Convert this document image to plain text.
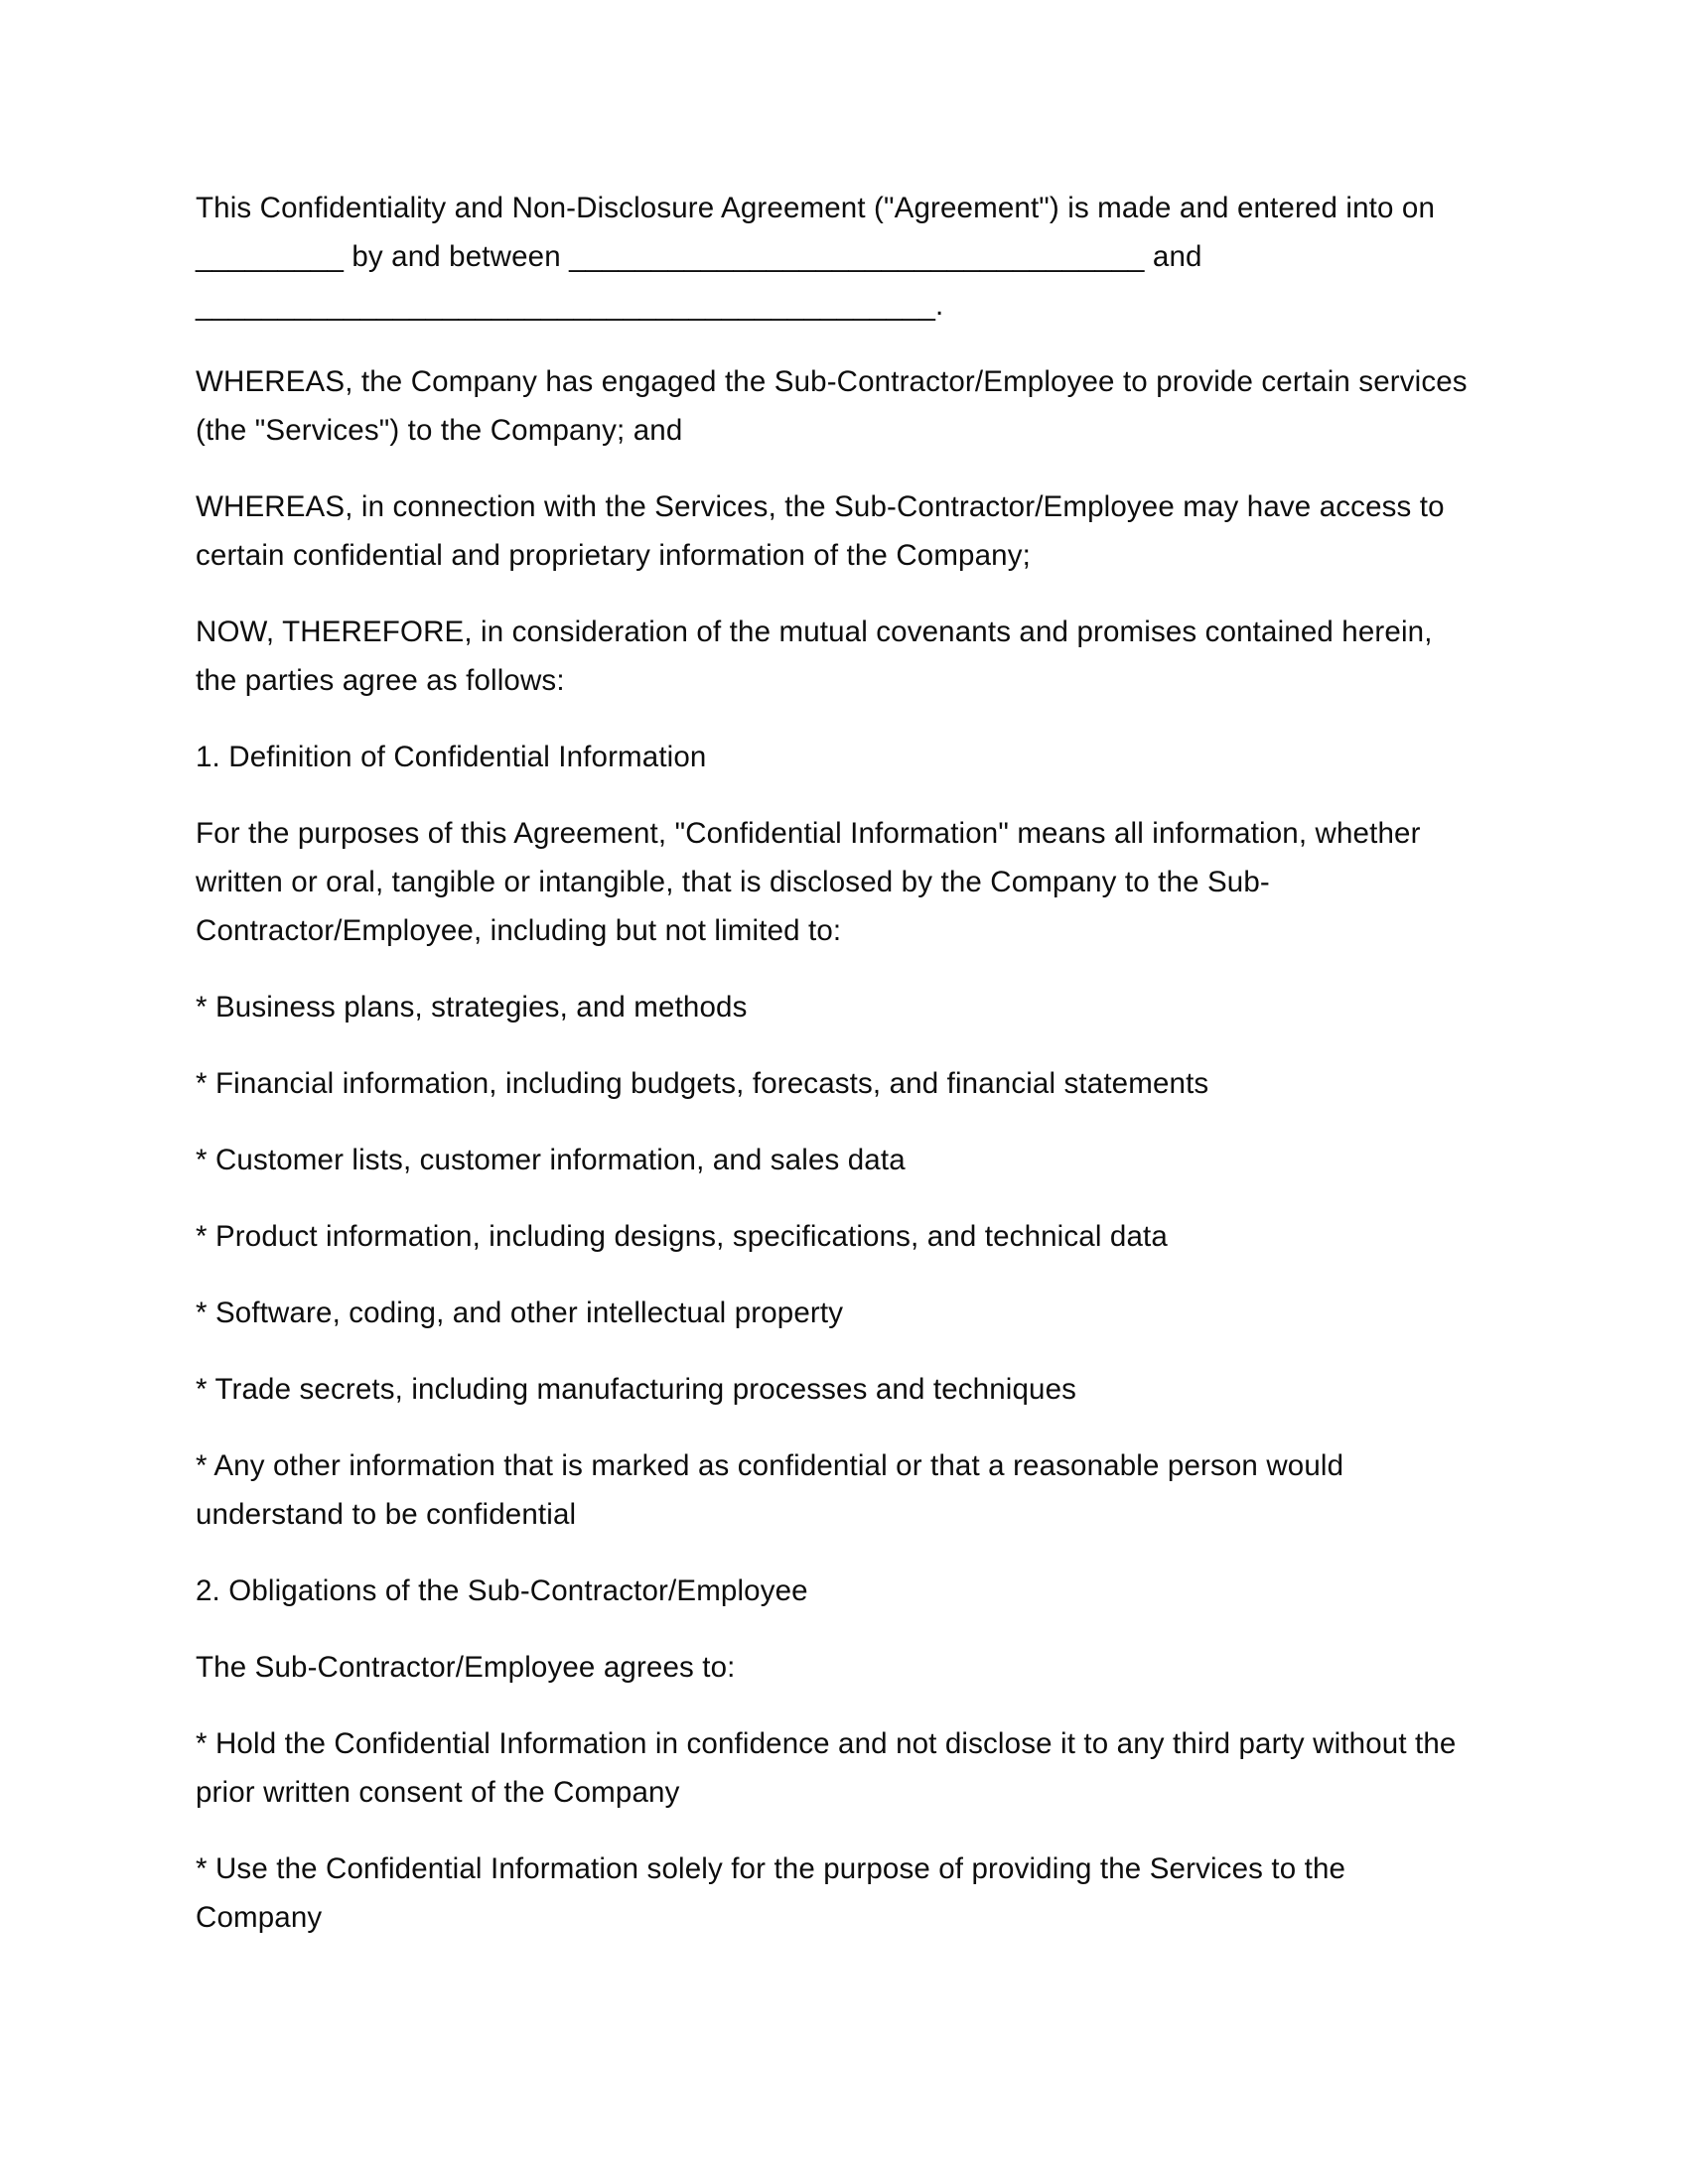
This Confidentiality and Non-Disclosure Agreement ("Agreement") is made and entered into on _________ by and between ___________________________________ and _____________________________________________.

WHEREAS, the Company has engaged the Sub-Contractor/Employee to provide certain services (the "Services") to the Company; and

WHEREAS, in connection with the Services, the Sub-Contractor/Employee may have access to certain confidential and proprietary information of the Company;

NOW, THEREFORE, in consideration of the mutual covenants and promises contained herein, the parties agree as follows:

1. Definition of Confidential Information

For the purposes of this Agreement, "Confidential Information" means all information, whether written or oral, tangible or intangible, that is disclosed by the Company to the Sub-Contractor/Employee, including but not limited to:

* Business plans, strategies, and methods

* Financial information, including budgets, forecasts, and financial statements

* Customer lists, customer information, and sales data

* Product information, including designs, specifications, and technical data

* Software, coding, and other intellectual property

* Trade secrets, including manufacturing processes and techniques

* Any other information that is marked as confidential or that a reasonable person would understand to be confidential

2. Obligations of the Sub-Contractor/Employee

The Sub-Contractor/Employee agrees to:

* Hold the Confidential Information in confidence and not disclose it to any third party without the prior written consent of the Company

* Use the Confidential Information solely for the purpose of providing the Services to the Company
